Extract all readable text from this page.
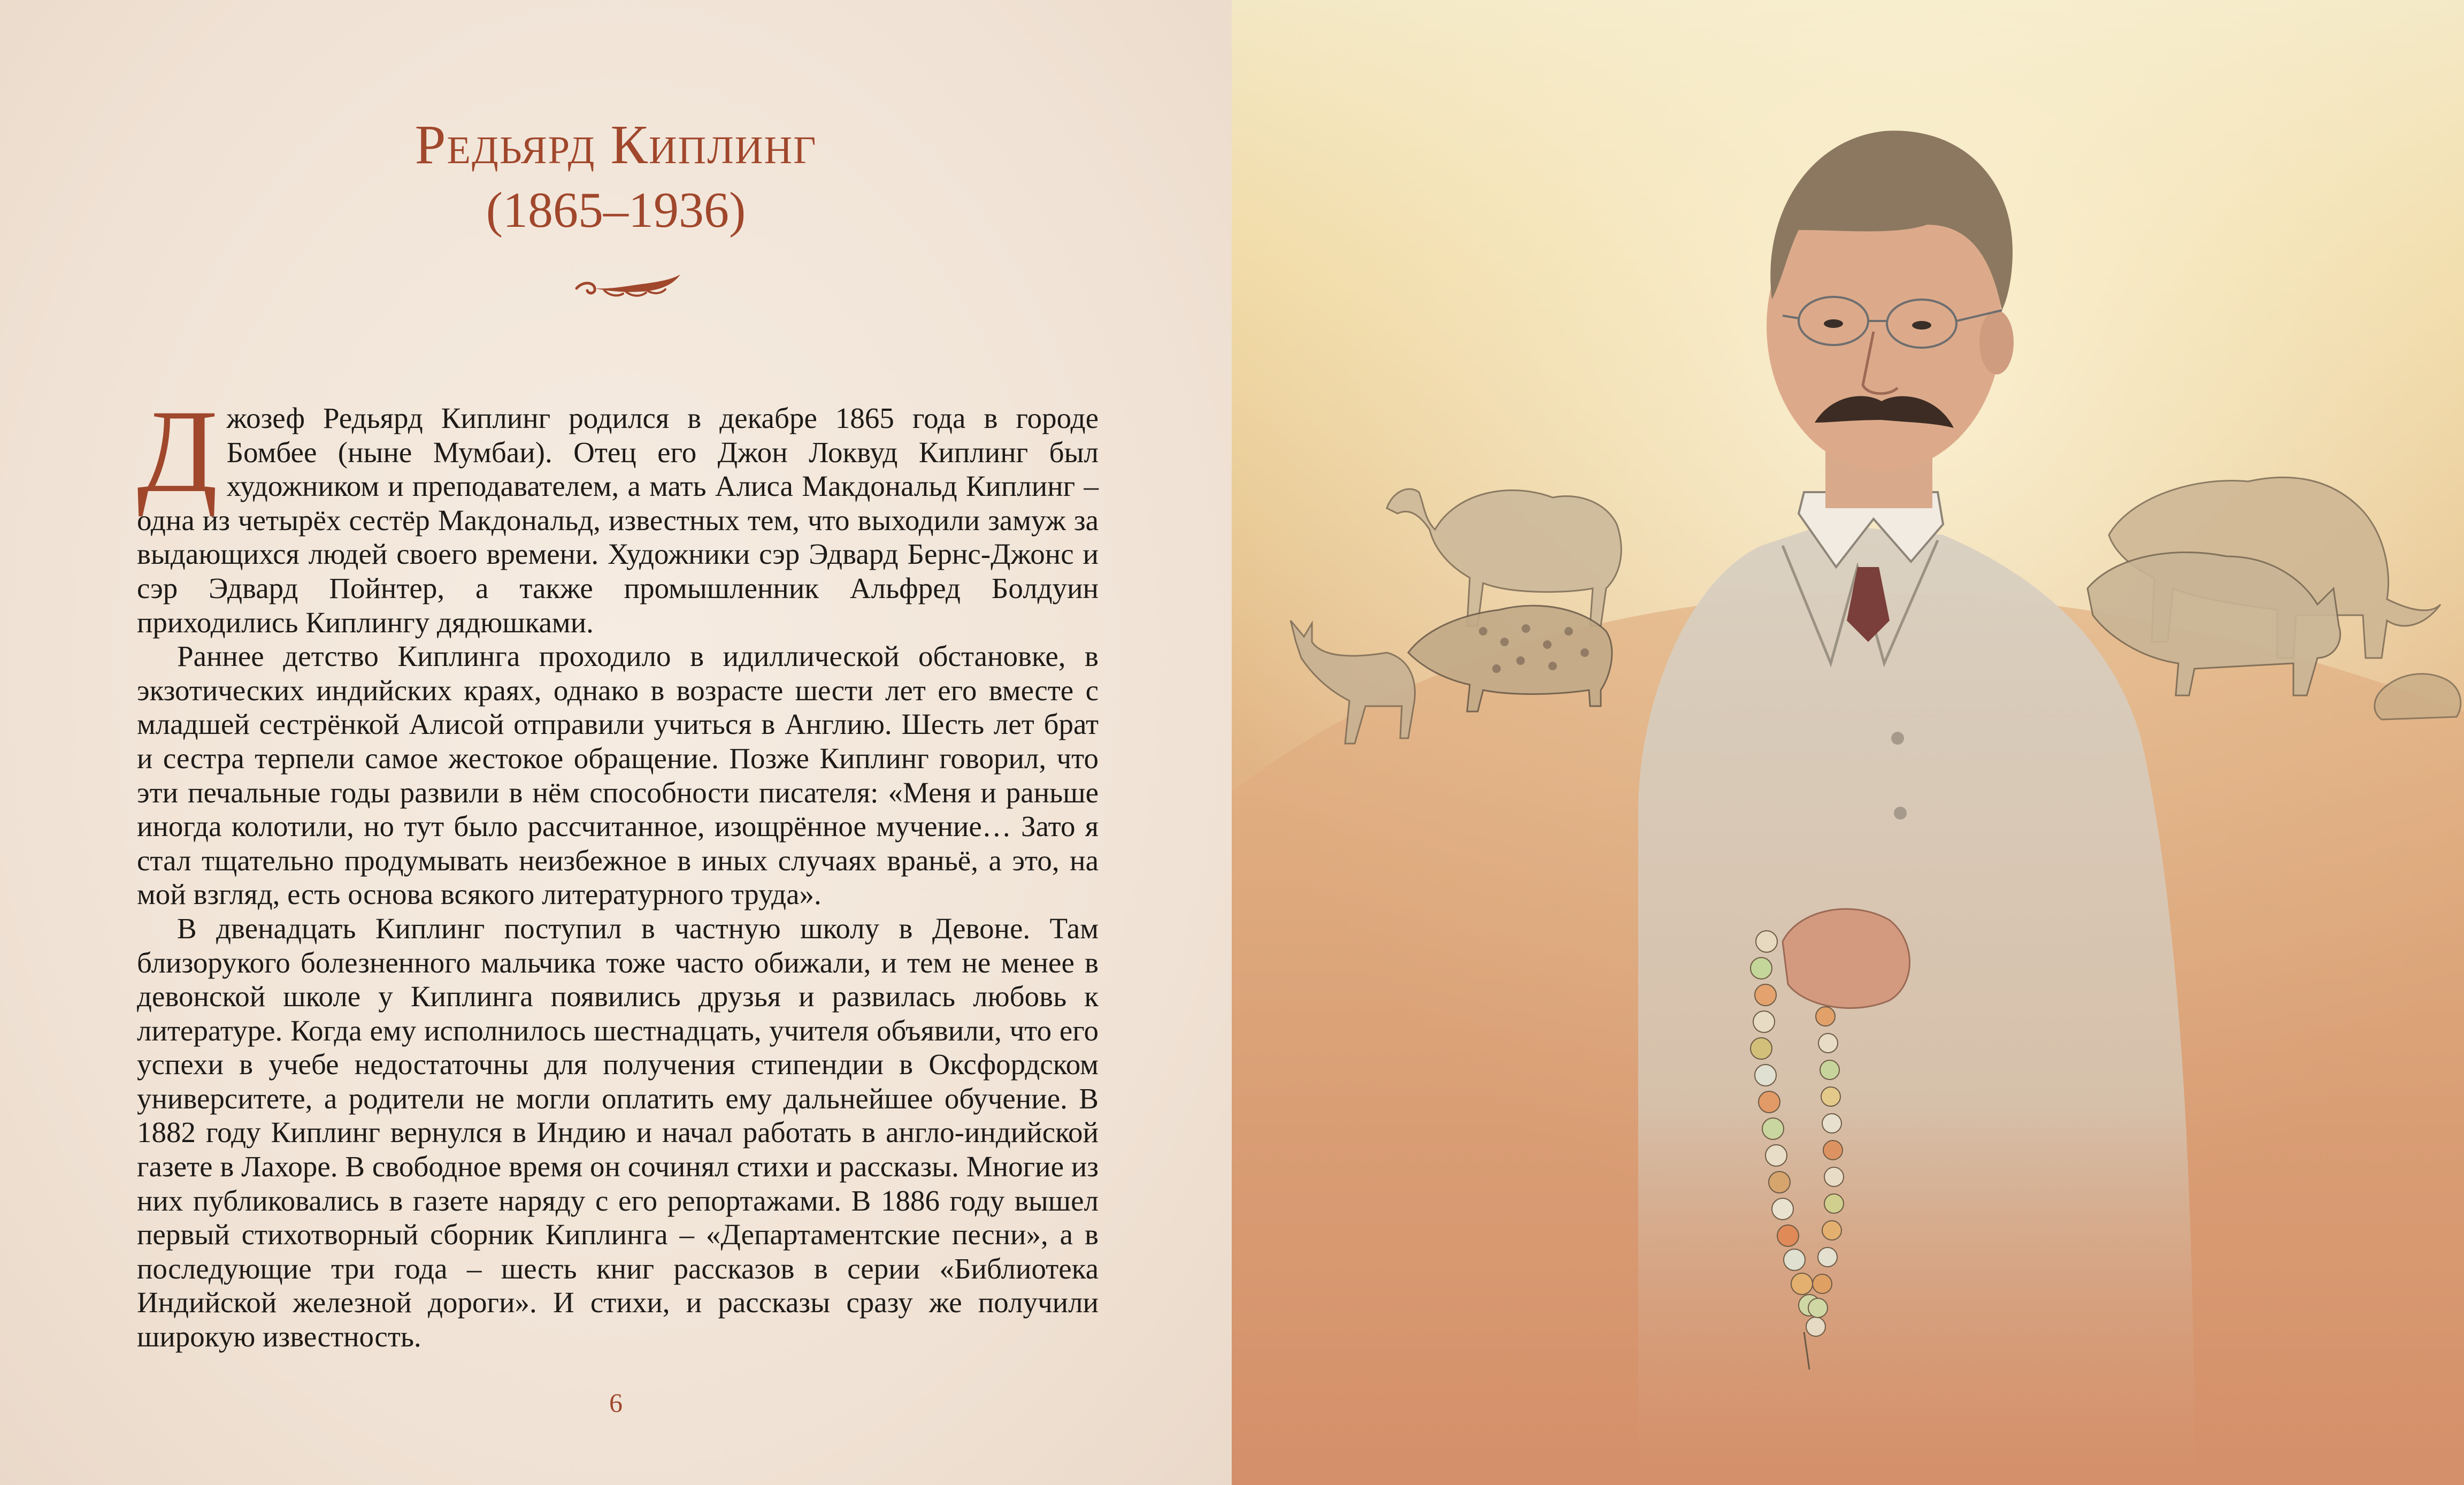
Редьярд Киплинг
(1865–1936)

Джозеф Редьярд Киплинг родился в декабре 1865 года в городе Бомбее (ныне Мумбаи). Отец его Джон Локвуд Киплинг был художником и преподавателем, а мать Алиса Макдональд Киплинг – одна из четырёх сестёр Макдональд, известных тем, что выходили замуж за выдающихся людей своего времени. Художники сэр Эдвард Бернс-Джонс и сэр Эдвард Пойнтер, а также промышленник Альфред Болдуин приходились Киплингу дядюшками.

Раннее детство Киплинга проходило в идиллической обстановке, в экзотических индийских краях, однако в возрасте шести лет его вместе с младшей сестрёнкой Алисой отправили учиться в Англию. Шесть лет брат и сестра терпели самое жестокое обращение. Позже Киплинг говорил, что эти печальные годы развили в нём способности писателя: «Меня и раньше иногда колотили, но тут было рассчитанное, изощрённое мучение… Зато я стал тщательно продумывать неизбежное в иных случаях враньё, а это, на мой взгляд, есть основа всякого литературного труда».

В двенадцать Киплинг поступил в частную школу в Девоне. Там близорукого болезненного мальчика тоже часто обижали, и тем не менее в девонской школе у Киплинга появились друзья и развилась любовь к литературе. Когда ему исполнилось шестнадцать, учителя объявили, что его успехи в учебе недостаточны для получения стипендии в Оксфордском университете, а родители не могли оплатить ему дальнейшее обучение. В 1882 году Киплинг вернулся в Индию и начал работать в англо-индийской газете в Лахоре. В свободное время он сочинял стихи и рассказы. Многие из них публиковались в газете наряду с его репортажами. В 1886 году вышел первый стихотворный сборник Киплинга – «Департаментские песни», а в последующие три года – шесть книг рассказов в серии «Библиотека Индийской железной дороги». И стихи, и рассказы сразу же получили широкую известность.

6
